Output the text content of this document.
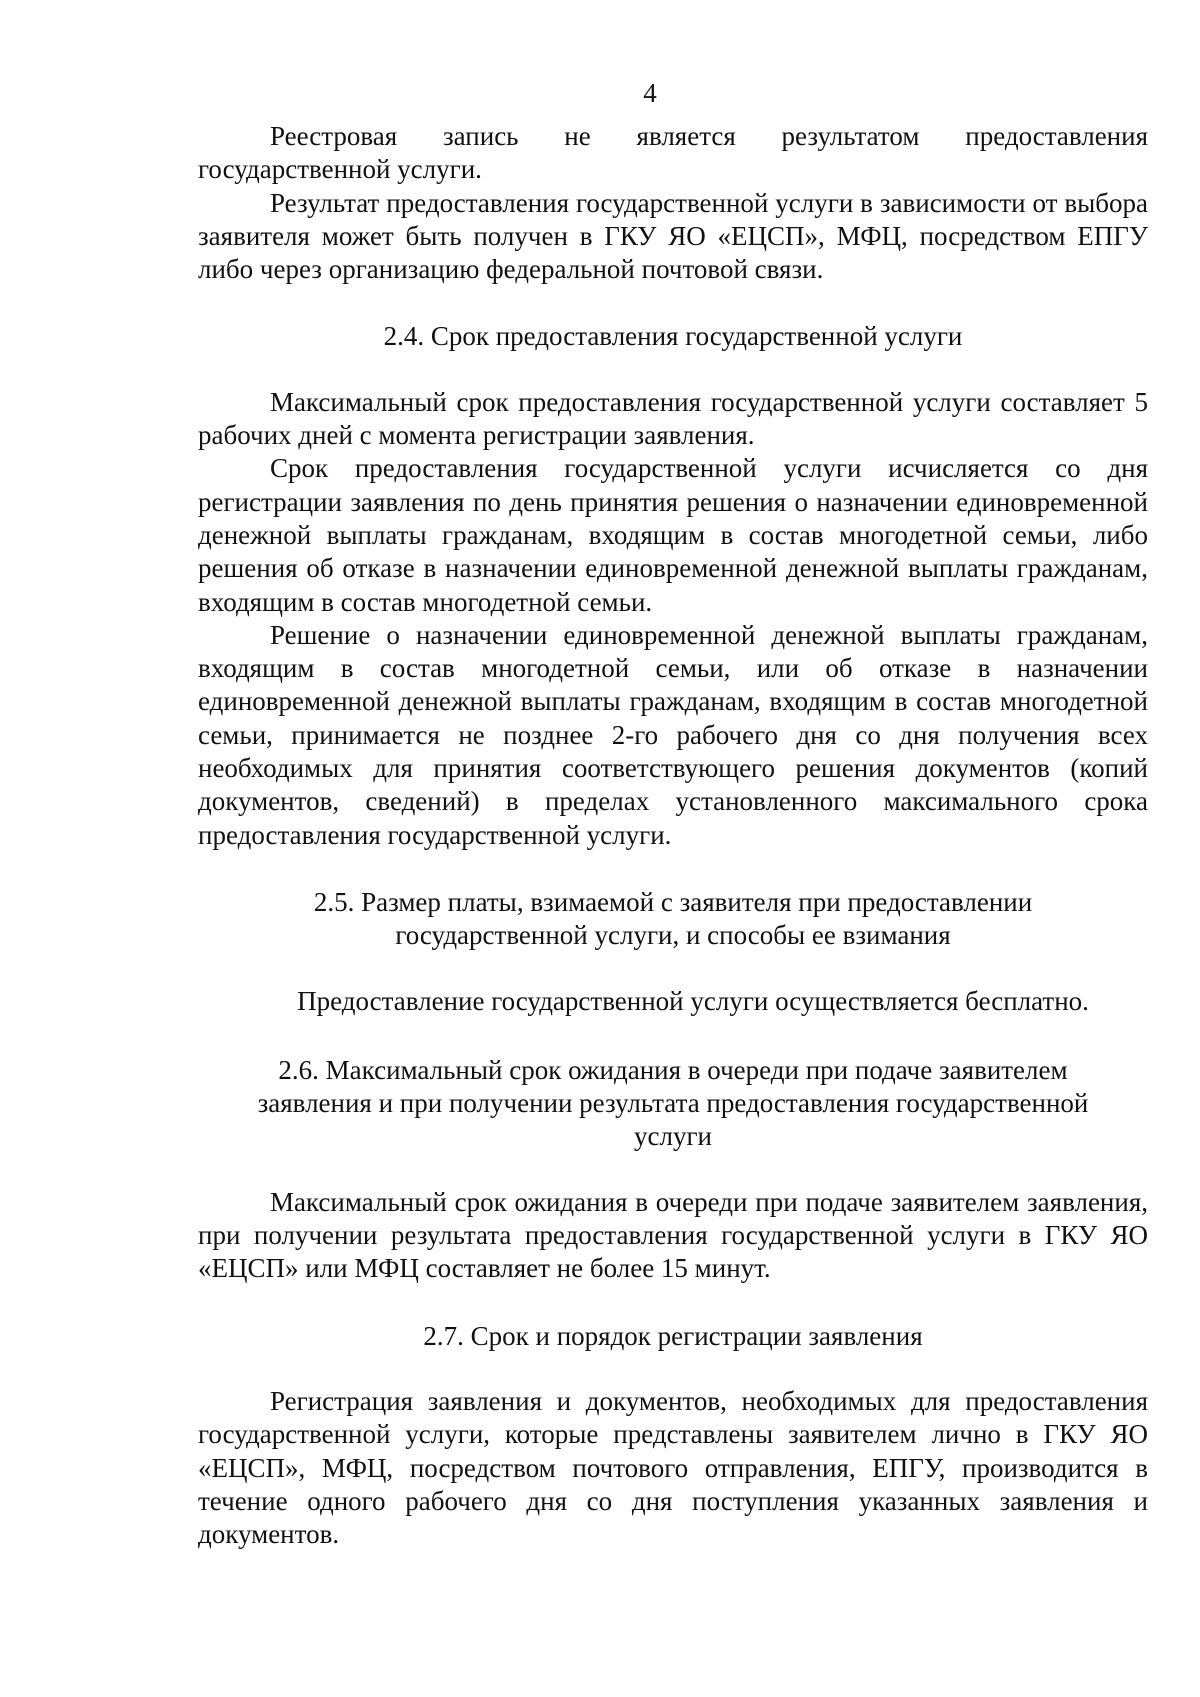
4

Реестровая запись не является результатом предоставления государственной услуги.

Результат предоставления государственной услуги в зависимости от выбора заявителя может быть получен в ГКУ ЯО «ЕЦСП», МФЦ, посредством ЕПГУ либо через организацию федеральной почтовой связи.

2.4. Срок предоставления государственной услуги

Максимальный срок предоставления государственной услуги составляет 5 рабочих дней с момента регистрации заявления.

Срок предоставления государственной услуги исчисляется со дня регистрации заявления по день принятия решения о назначении единовременной денежной выплаты гражданам, входящим в состав многодетной семьи, либо решения об отказе в назначении единовременной денежной выплаты гражданам, входящим в состав многодетной семьи.

Решение о назначении единовременной денежной выплаты гражданам, входящим в состав многодетной семьи, или об отказе в назначении единовременной денежной выплаты гражданам, входящим в состав многодетной семьи, принимается не позднее 2-го рабочего дня со дня получения всех необходимых для принятия соответствующего решения документов (копий документов, сведений) в пределах установленного максимального срока предоставления государственной услуги.

2.5. Размер платы, взимаемой с заявителя при предоставлении государственной услуги, и способы ее взимания

Предоставление государственной услуги осуществляется бесплатно.

2.6. Максимальный срок ожидания в очереди при подаче заявителем заявления и при получении результата предоставления государственной услуги

Максимальный срок ожидания в очереди при подаче заявителем заявления, при получении результата предоставления государственной услуги в ГКУ ЯО «ЕЦСП» или МФЦ составляет не более 15 минут.

2.7. Срок и порядок регистрации заявления

Регистрация заявления и документов, необходимых для предоставления государственной услуги, которые представлены заявителем лично в ГКУ ЯО «ЕЦСП», МФЦ, посредством почтового отправления, ЕПГУ, производится в течение одного рабочего дня со дня поступления указанных заявления и документов.
